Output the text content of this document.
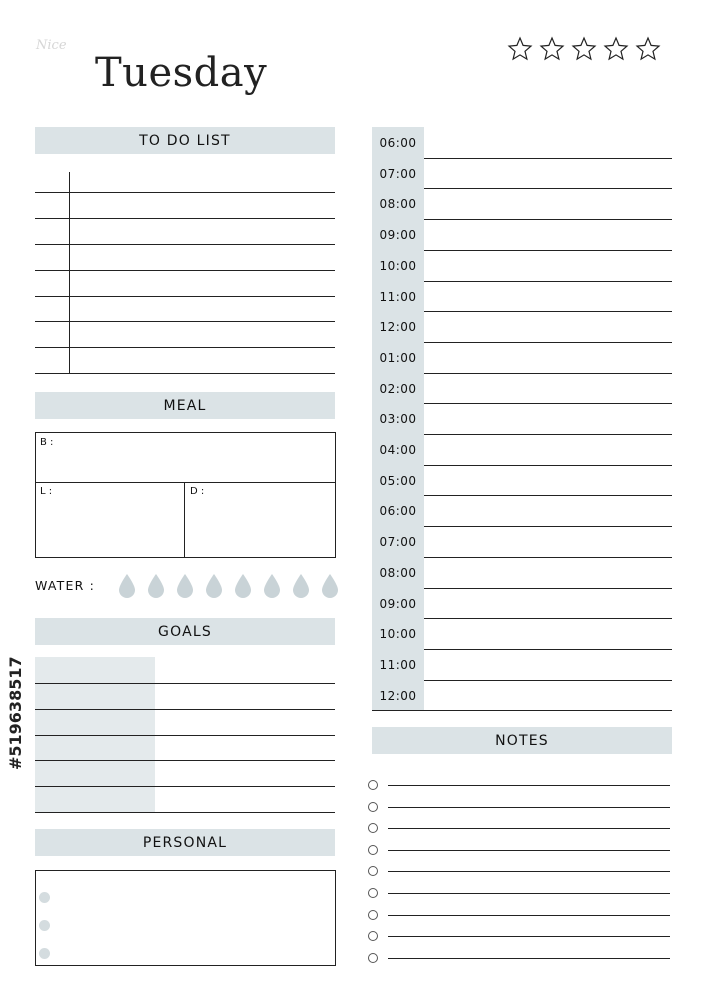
Nice
Tuesday
TO DO LIST
MEAL
B :
L :	D :
WATER :
GOALS
PERSONAL
06:00
07:00
08:00
09:00
10:00
11:00
12:00
01:00
02:00
03:00
04:00
05:00
06:00
07:00
08:00
09:00
10:00
11:00
12:00
NOTES
#519638517
